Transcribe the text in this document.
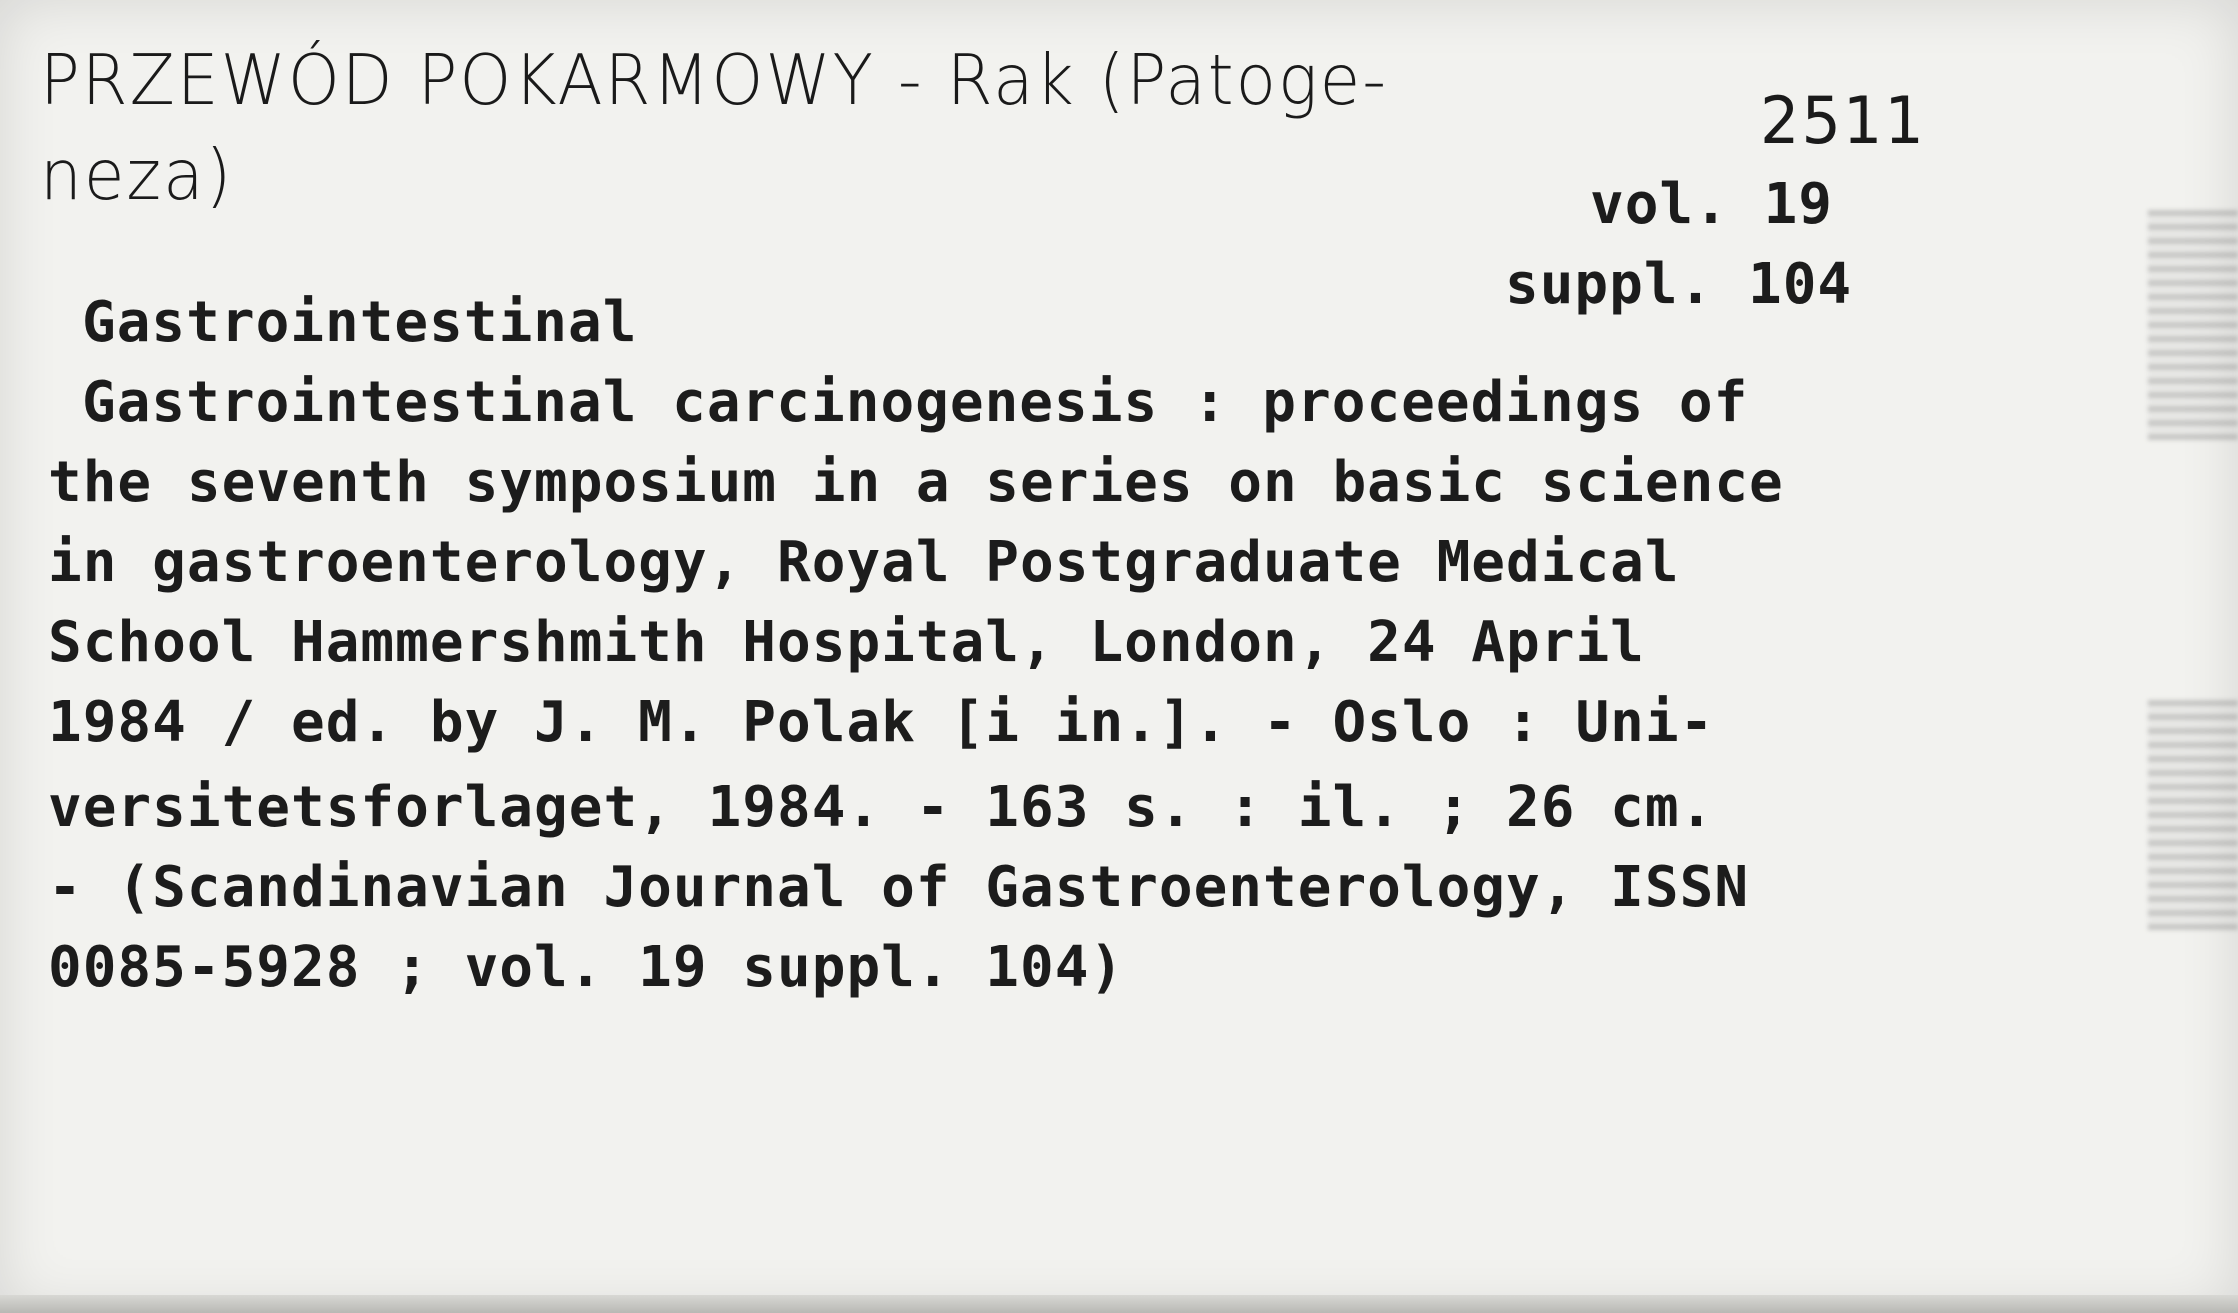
PRZEWÓD POKARMOWY - Rak (Patoge-
neza)
2511
vol. 19
suppl. 104
Gastrointestinal
Gastrointestinal carcinogenesis : proceedings of
the seventh symposium in a series on basic science
in gastroenterology, Royal Postgraduate Medical
School Hammershmith Hospital, London, 24 April
1984 / ed. by J. M. Polak [i in.]. - Oslo : Uni-
versitetsforlaget, 1984. - 163 s. : il. ; 26 cm.
- (Scandinavian Journal of Gastroenterology, ISSN
0085-5928 ; vol. 19 suppl. 104)
